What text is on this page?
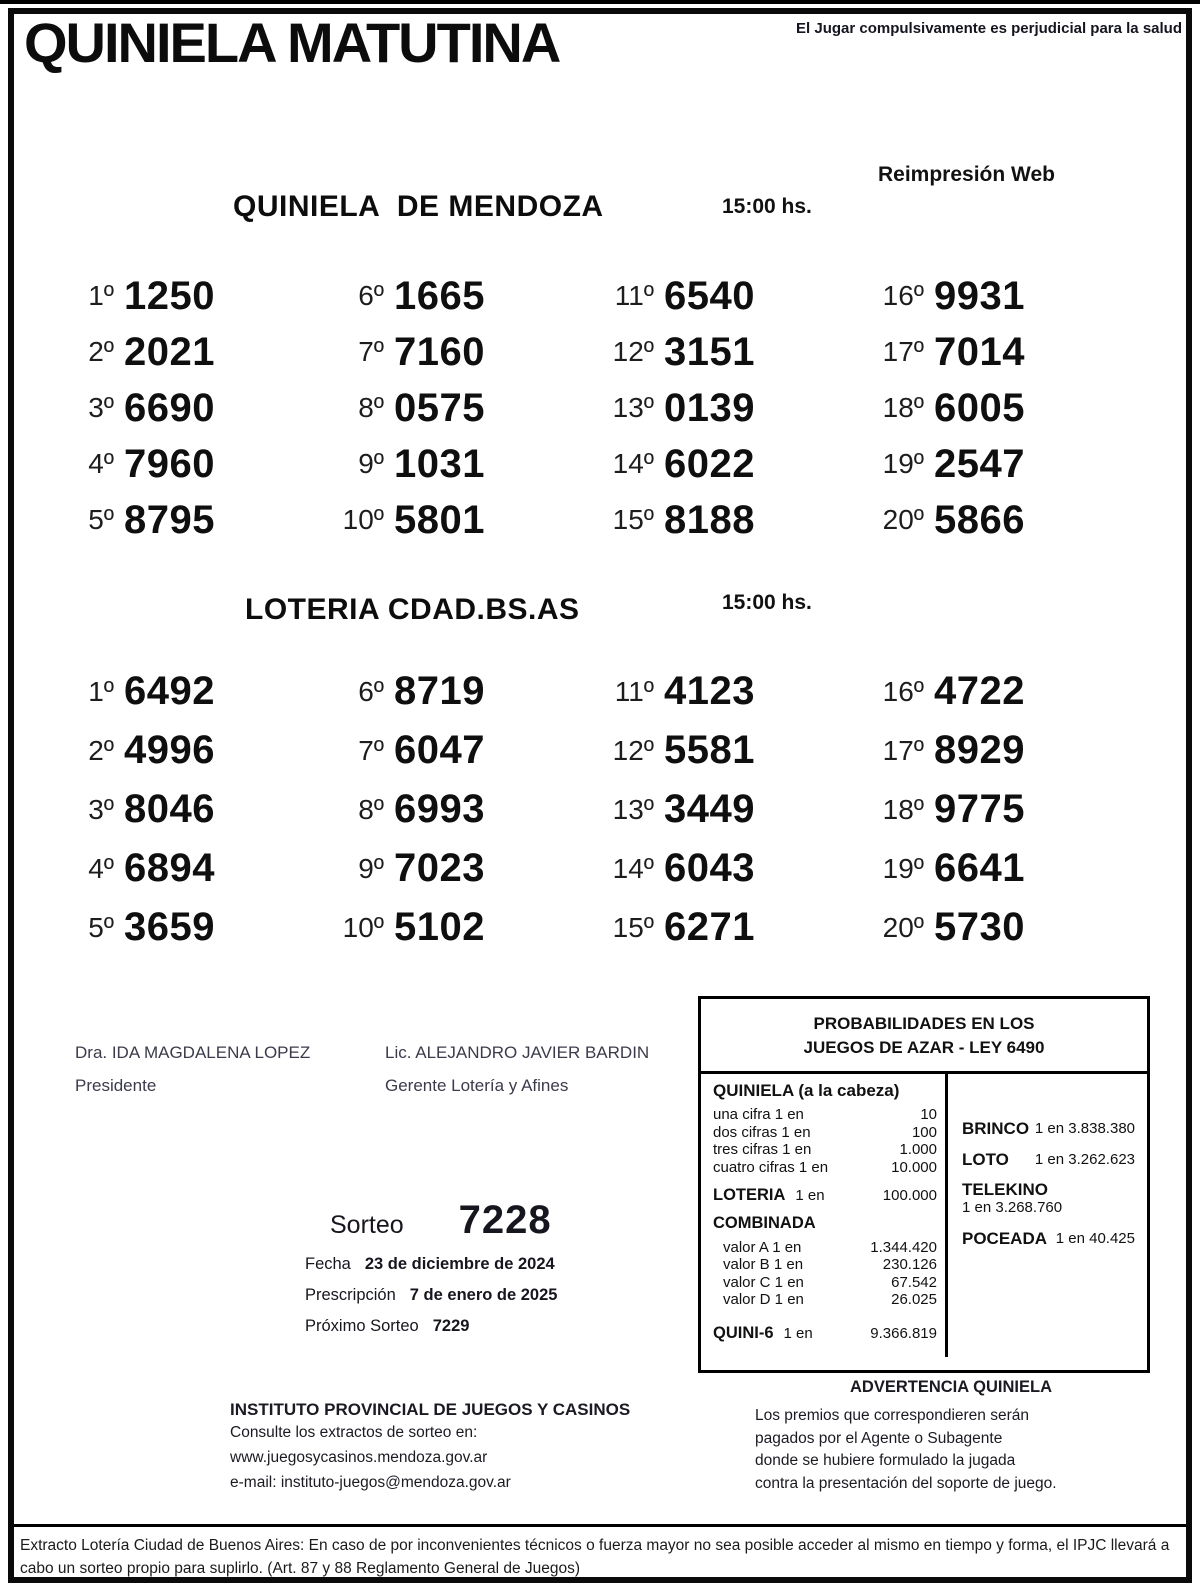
QUINIELA MATUTINA	El Jugar compulsivamente es perjudicial para la salud
Reimpresión Web
QUINIELA  DE MENDOZA	15:00 hs.
1º 1250
2º 2021
3º 6690
4º 7960
5º 8795
6º 1665
7º 7160
8º 0575
9º 1031
10º 5801
11º 6540
12º 3151
13º 0139
14º 6022
15º 8188
16º 9931
17º 7014
18º 6005
19º 2547
20º 5866
LOTERIA CDAD.BS.AS	15:00 hs.
1º 6492
2º 4996
3º 8046
4º 6894
5º 3659
6º 8719
7º 6047
8º 6993
9º 7023
10º 5102
11º 4123
12º 5581
13º 3449
14º 6043
15º 6271
16º 4722
17º 8929
18º 9775
19º 6641
20º 5730
Dra. IDA MAGDALENA LOPEZ
Presidente
Lic. ALEJANDRO JAVIER BARDIN
Gerente Lotería y Afines
Sorteo 7228
Fecha 23 de diciembre de 2024
Prescripción 7 de enero de 2025
Próximo Sorteo 7229
PROBABILIDADES EN LOS
JUEGOS DE AZAR - LEY 6490
QUINIELA (a la cabeza)
una cifra 1 en	10
dos cifras 1 en	100
tres cifras 1 en	1.000
cuatro cifras 1 en	10.000
LOTERIA 1 en	100.000
COMBINADA
valor A 1 en	1.344.420
valor B 1 en	230.126
valor C 1 en	67.542
valor D 1 en	26.025
QUINI-6 1 en	9.366.819
BRINCO 1 en 3.838.380
LOTO 1 en 3.262.623
TELEKINO
1 en 3.268.760
POCEADA 1 en 40.425
ADVERTENCIA QUINIELA
Los premios que correspondieren serán
pagados por el Agente o Subagente
donde se hubiere formulado la jugada
contra la presentación del soporte de juego.
INSTITUTO PROVINCIAL DE JUEGOS Y CASINOS
Consulte los extractos de sorteo en:
www.juegosycasinos.mendoza.gov.ar
e-mail: instituto-juegos@mendoza.gov.ar
Extracto Lotería Ciudad de Buenos Aires: En caso de por inconvenientes técnicos o fuerza mayor no sea posible acceder al mismo en tiempo y forma, el IPJC llevará a cabo un sorteo propio para suplirlo. (Art. 87 y 88 Reglamento General de Juegos)
